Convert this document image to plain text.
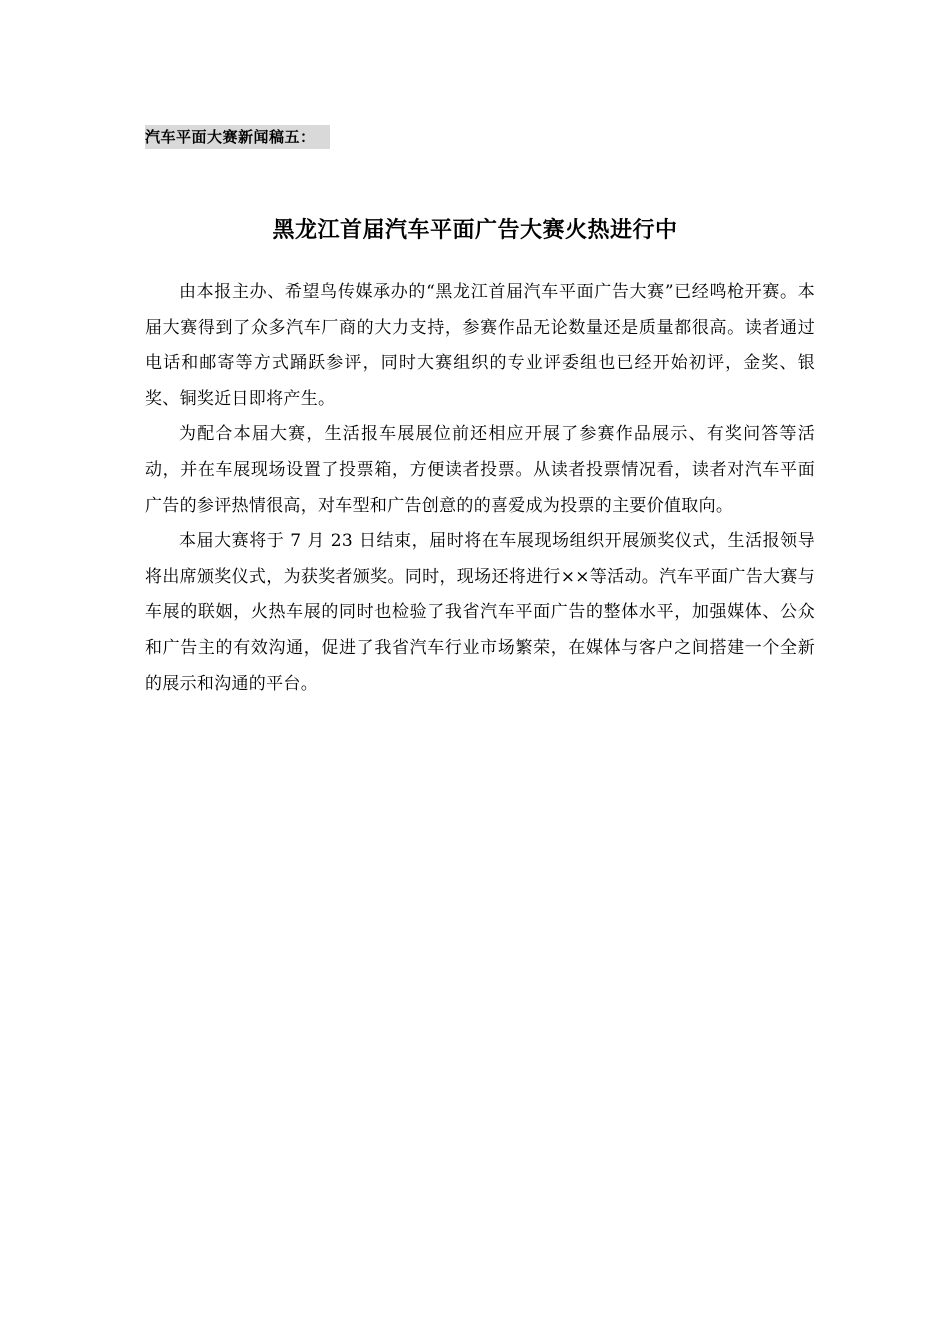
汽车平面大赛新闻稿五：
黑龙江首届汽车平面广告大赛火热进行中

由本报主办、希望鸟传媒承办的“黑龙江首届汽车平面广告大赛”已经鸣枪开赛。本届大赛得到了众多汽车厂商的大力支持，参赛作品无论数量还是质量都很高。读者通过电话和邮寄等方式踊跃参评，同时大赛组织的专业评委组也已经开始初评，金奖、银奖、铜奖近日即将产生。

为配合本届大赛，生活报车展展位前还相应开展了参赛作品展示、有奖问答等活动，并在车展现场设置了投票箱，方便读者投票。从读者投票情况看，读者对汽车平面广告的参评热情很高，对车型和广告创意的的喜爱成为投票的主要价值取向。

本届大赛将于 7 月 23 日结束，届时将在车展现场组织开展颁奖仪式，生活报领导将出席颁奖仪式，为获奖者颁奖。同时，现场还将进行××等活动。汽车平面广告大赛与车展的联姻，火热车展的同时也检验了我省汽车平面广告的整体水平，加强媒体、公众和广告主的有效沟通，促进了我省汽车行业市场繁荣，在媒体与客户之间搭建一个全新的展示和沟通的平台。
